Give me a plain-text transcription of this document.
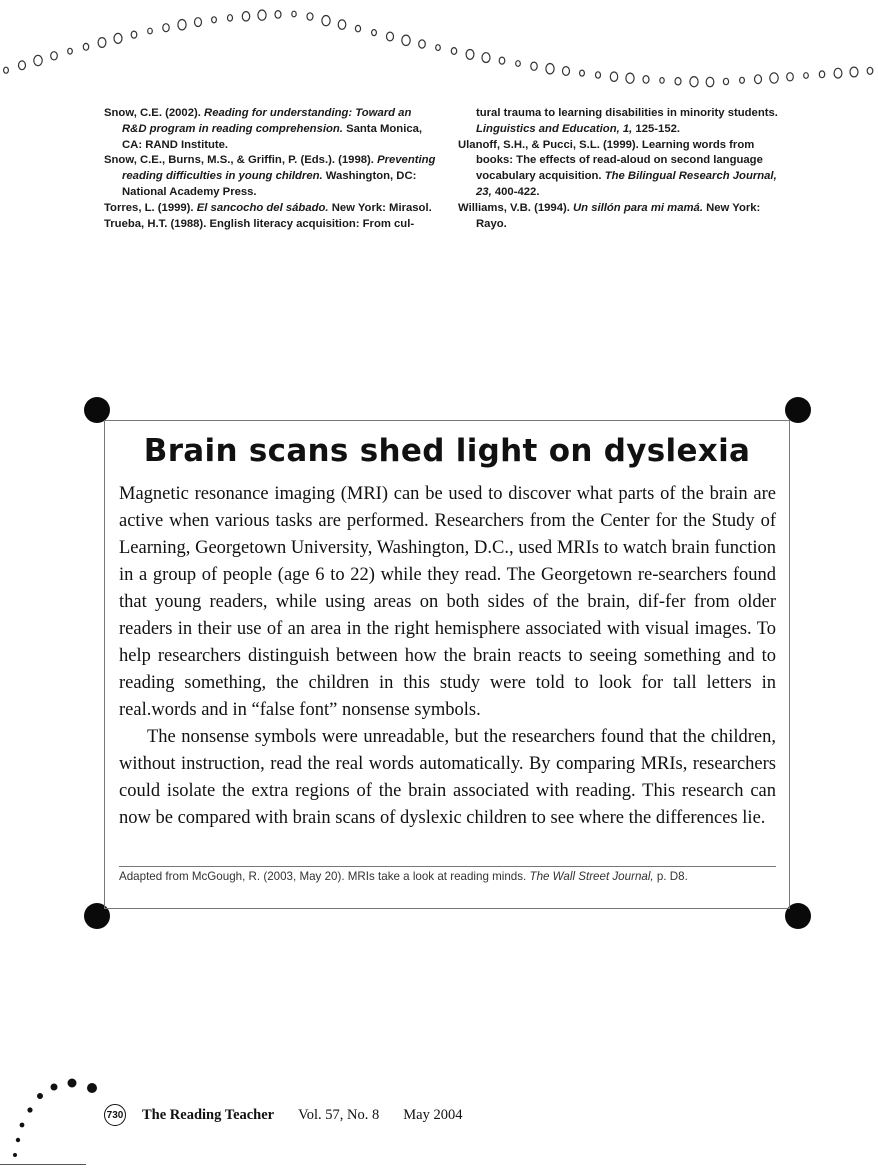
Snow, C.E. (2002). Reading for understanding: Toward an R&D program in reading comprehension. Santa Monica, CA: RAND Institute.
Snow, C.E., Burns, M.S., & Griffin, P. (Eds.). (1998). Preventing reading difficulties in young children. Washington, DC: National Academy Press.
Torres, L. (1999). El sancocho del sábado. New York: Mirasol.
Trueba, H.T. (1988). English literacy acquisition: From cul-
tural trauma to learning disabilities in minority students. Linguistics and Education, 1, 125-152.
Ulanoff, S.H., & Pucci, S.L. (1999). Learning words from books: The effects of read-aloud on second language vocabulary acquisition. The Bilingual Research Journal, 23, 400-422.
Williams, V.B. (1994). Un sillón para mi mamá. New York: Rayo.
Brain scans shed light on dyslexia

Magnetic resonance imaging (MRI) can be used to discover what parts of the brain are active when various tasks are performed. Researchers from the Center for the Study of Learning, Georgetown University, Washington, D.C., used MRIs to watch brain function in a group of people (age 6 to 22) while they read. The Georgetown re-searchers found that young readers, while using areas on both sides of the brain, dif-fer from older readers in their use of an area in the right hemisphere associated with visual images. To help researchers distinguish between how the brain reacts to seeing something and to reading something, the children in this study were told to look for tall letters in real.words and in “false font” nonsense symbols.

The nonsense symbols were unreadable, but the researchers found that the children, without instruction, read the real words automatically. By comparing MRIs, researchers could isolate the extra regions of the brain associated with reading. This research can now be compared with brain scans of dyslexic children to see where the differences lie.

Adapted from McGough, R. (2003, May 20). MRIs take a look at reading minds. The Wall Street Journal, p. D8.
730 The Reading Teacher Vol. 57, No. 8 May 2004
